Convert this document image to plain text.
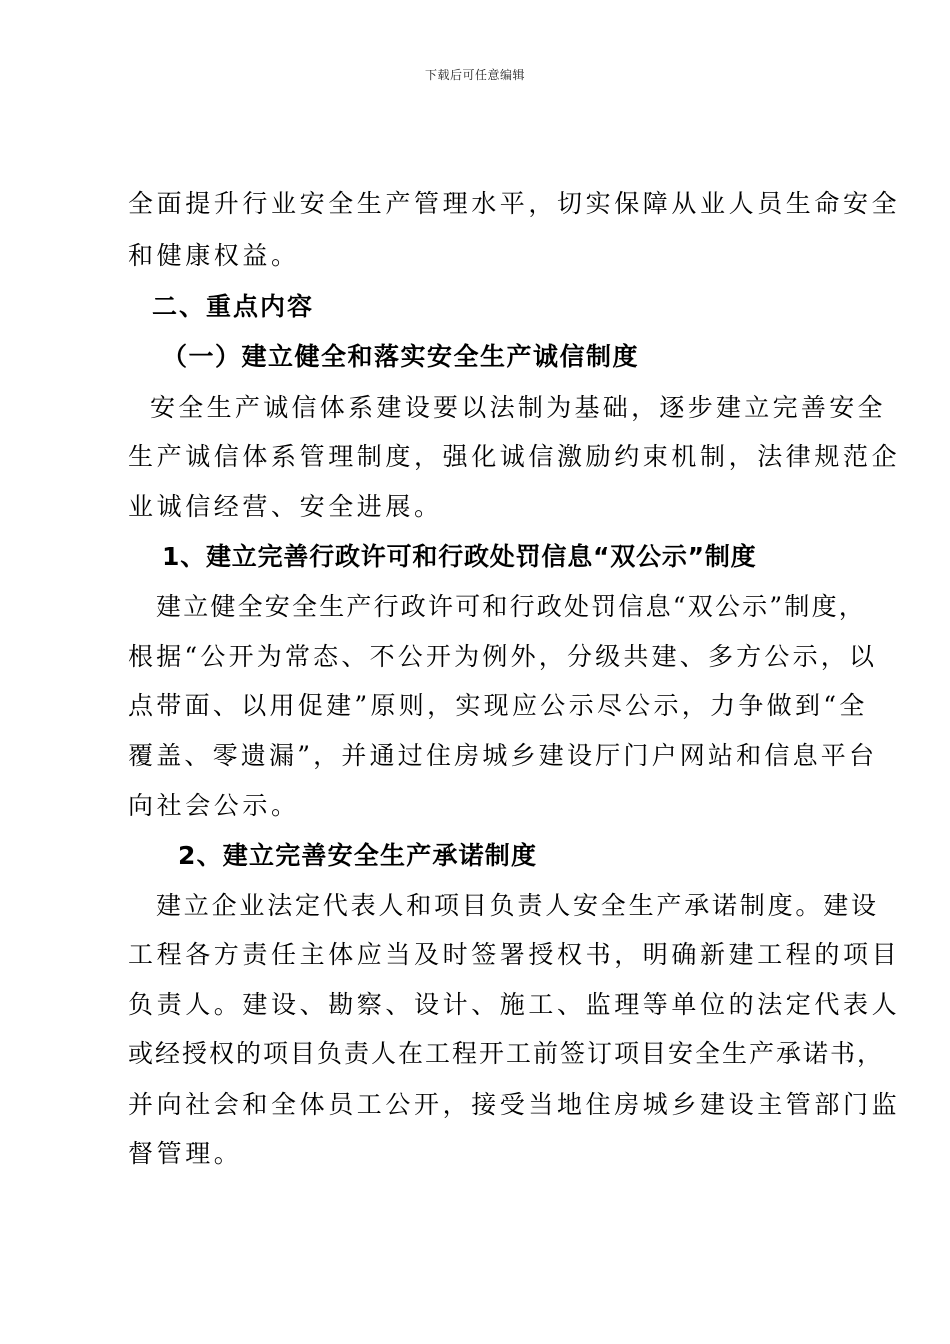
下载后可任意编辑
全面提升行业安全生产管理水平，切实保障从业人员生命安全
和健康权益。
二、重点内容
（一）建立健全和落实安全生产诚信制度
安全生产诚信体系建设要以法制为基础，逐步建立完善安全
生产诚信体系管理制度，强化诚信激励约束机制，法律规范企
业诚信经营、安全进展。
1、建立完善行政许可和行政处罚信息“双公示”制度
建立健全安全生产行政许可和行政处罚信息“双公示”制度，
根据“公开为常态、不公开为例外，分级共建、多方公示，以
点带面、以用促建”原则，实现应公示尽公示，力争做到“全
覆盖、零遗漏”，并通过住房城乡建设厅门户网站和信息平台
向社会公示。
2、建立完善安全生产承诺制度
建立企业法定代表人和项目负责人安全生产承诺制度。建设
工程各方责任主体应当及时签署授权书，明确新建工程的项目
负责人。建设、勘察、设计、施工、监理等单位的法定代表人
或经授权的项目负责人在工程开工前签订项目安全生产承诺书，
并向社会和全体员工公开，接受当地住房城乡建设主管部门监
督管理。
